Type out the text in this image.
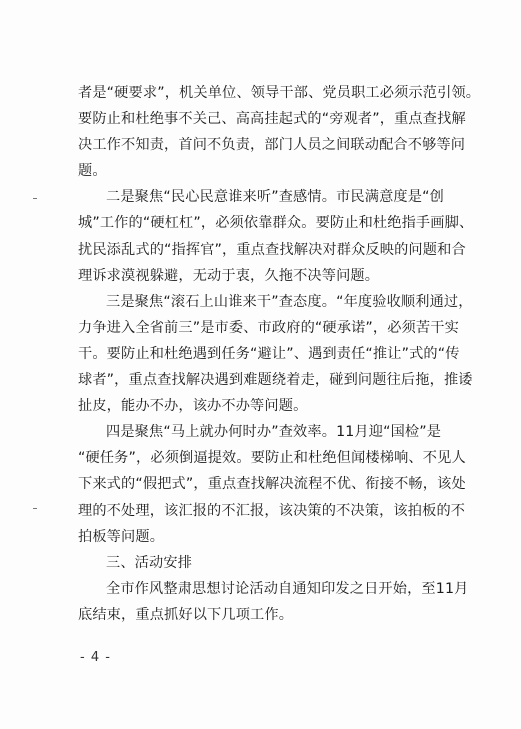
者是“硬要求”，机关单位、领导干部、党员职工必须示范引领。
要防止和杜绝事不关己、高高挂起式的“旁观者”，重点查找解
决工作不知责，首问不负责，部门人员之间联动配合不够等问
题。
二是聚焦“民心民意谁来听”查感情。市民满意度是“创
城”工作的“硬杠杠”，必须依靠群众。要防止和杜绝指手画脚、
扰民添乱式的“指挥官”，重点查找解决对群众反映的问题和合
理诉求漠视躲避，无动于衷，久拖不决等问题。
三是聚焦“滚石上山谁来干”查态度。“年度验收顺利通过，
力争进入全省前三”是市委、市政府的“硬承诺”，必须苦干实
干。要防止和杜绝遇到任务“避让”、遇到责任“推让”式的“传
球者”，重点查找解决遇到难题绕着走，碰到问题往后拖，推诿
扯皮，能办不办，该办不办等问题。
四是聚焦“马上就办何时办”查效率。11月迎“国检”是
“硬任务”，必须倒逼提效。要防止和杜绝但闻楼梯响、不见人
下来式的“假把式”，重点查找解决流程不优、衔接不畅，该处
理的不处理，该汇报的不汇报，该决策的不决策，该拍板的不
拍板等问题。
三、活动安排
全市作风整肃思想讨论活动自通知印发之日开始，至11月
底结束，重点抓好以下几项工作。
- 4 -
